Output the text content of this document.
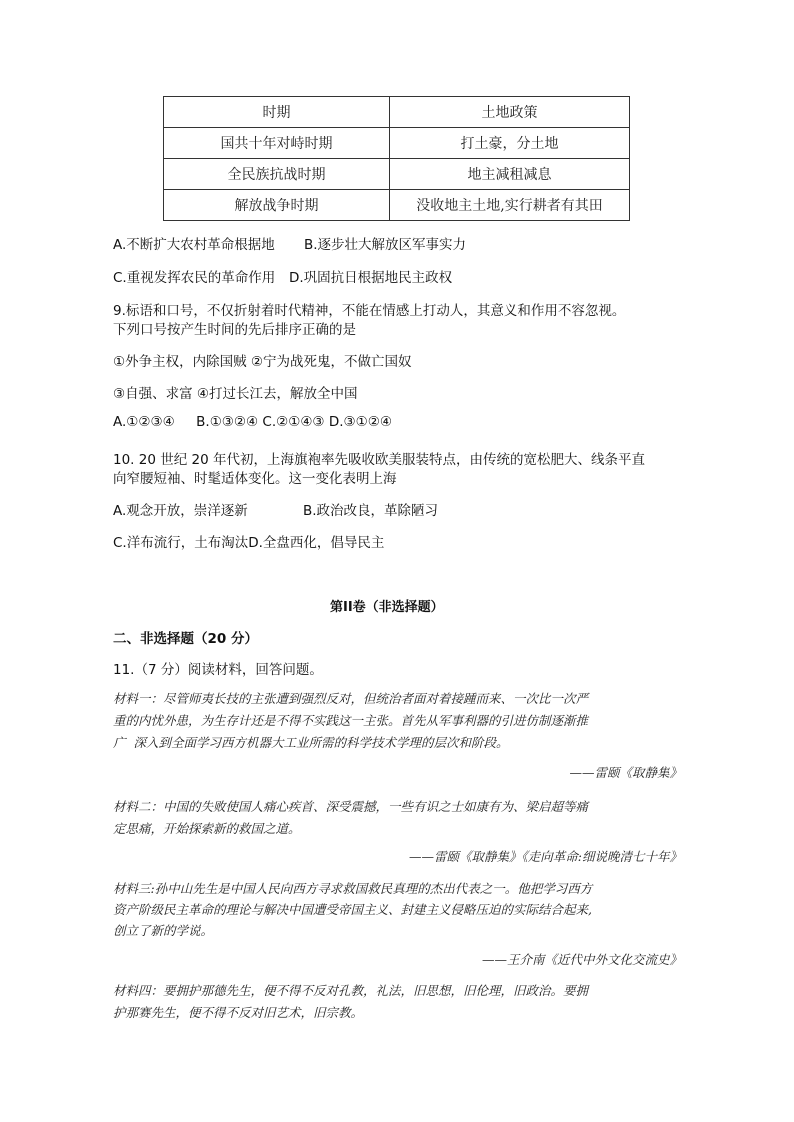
时期	土地政策
国共十年对峙时期	打土豪，分土地
全民族抗战时期	地主减租减息
解放战争时期	没收地主土地,实行耕者有其田
A.不断扩大农村革命根据地 B.逐步壮大解放区军事实力
C.重视发挥农民的革命作用 D.巩固抗日根据地民主政权
9.标语和口号，不仅折射着时代精神，不能在情感上打动人，其意义和作用不容忽视。
下列口号按产生时间的先后排序正确的是
①外争主权，内除国贼 ②宁为战死鬼，不做亡国奴
③自强、求富 ④打过长江去，解放全中国
A.①②③④     B.①③②④ C.②①④③ D.③①②④
10. 20 世纪 20 年代初，上海旗袍率先吸收欧美服装特点，由传统的宽松肥大、线条平直
向窄腰短袖、时髦适体变化。这一变化表明上海
A.观念开放，崇洋逐新	B.政治改良，革除陋习
C.洋布流行，土布淘汰D.全盘西化，倡导民主
第II卷（非选择题）
二、非选择题（20 分）
11.（7 分）阅读材料，回答问题。
材料一：尽管师夷长技的主张遭到强烈反对，但统治者面对着接踵而来、一次比一次严
重的内忧外患，为生存计还是不得不实践这一主张。首先从军事利器的引进仿制逐渐推
广  深入到全面学习西方机器大工业所需的科学技术学理的层次和阶段。
——雷颐《取静集》
材料二：中国的失败使国人痛心疾首、深受震撼，一些有识之士如康有为、梁启超等痛
定思痛，开始探索新的救国之道。
——雷颐《取静集》《走向革命:细说晚清七十年》
材料三:孙中山先生是中国人民向西方寻求救国救民真理的杰出代表之一。他把学习西方
资产阶级民主革命的理论与解决中国遭受帝国主义、封建主义侵略压迫的实际结合起来,
创立了新的学说。
——王介南《近代中外文化交流史》
材料四：要拥护那德先生，便不得不反对孔教，礼法，旧思想，旧伦理，旧政治。要拥
护那赛先生，便不得不反对旧艺术，旧宗教。
